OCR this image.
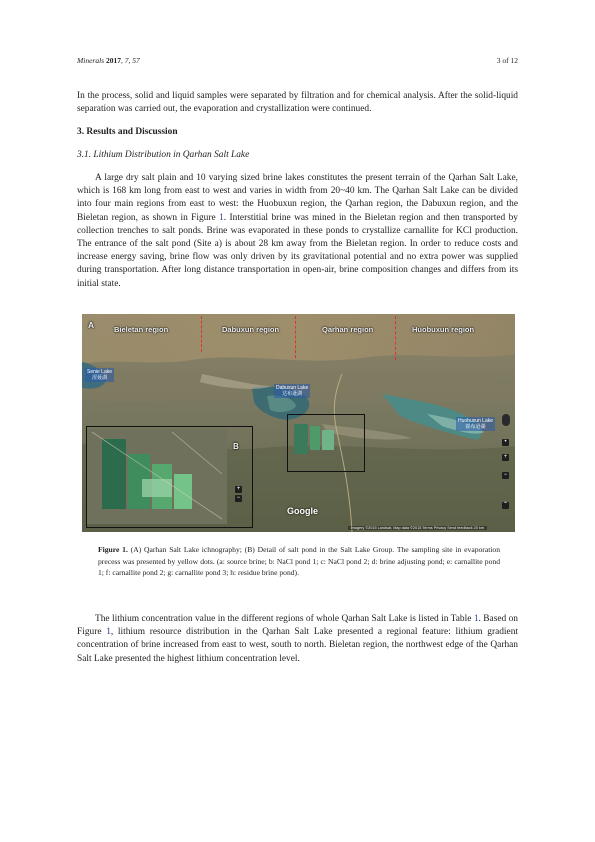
Minerals 2017, 7, 57	3 of 12
In the process, solid and liquid samples were separated by filtration and for chemical analysis. After the solid-liquid separation was carried out, the evaporation and crystallization were continued.
3. Results and Discussion
3.1. Lithium Distribution in Qarhan Salt Lake
A large dry salt plain and 10 varying sized brine lakes constitutes the present terrain of the Qarhan Salt Lake, which is 168 km long from east to west and varies in width from 20~40 km. The Qarhan Salt Lake can be divided into four main regions from east to west: the Huobuxun region, the Qarhan region, the Dabuxun region, and the Bieletan region, as shown in Figure 1. Interstitial brine was mined in the Bieletan region and then transported by collection trenches to salt ponds. Brine was evaporated in these ponds to crystallize carnallite for KCl production. The entrance of the salt pond (Site a) is about 28 km away from the Bieletan region. In order to reduce costs and increase energy saving, brine flow was only driven by its gravitational potential and no extra power was supplied during transportation. After long distance transportation in open-air, brine composition changes and differs from its initial state.
A	Bieletan region	Dabuxun region	Qarhan region	Huobuxun region
Senie Lake
涩聂湖
Dabuxun Lake
达布逊湖
Huobuxun Lake
霍布逊湖
B
+
−
•
+
−
⌃
Google
Imagery ©2015 Landsat, Map data ©2015 Terms Privacy Send feedback 20 km
Figure 1. (A) Qarhan Salt Lake ichnography; (B) Detail of salt pond in the Salt Lake Group. The sampling site in evaporation precess was presented by yellow dots. (a: source brine; b: NaCl pond 1; c: NaCl pond 2; d: brine adjusting pond; e: carnallite pond 1; f: carnallite pond 2; g: carnallite pond 3; h: residue brine pond).
The lithium concentration value in the different regions of whole Qarhan Salt Lake is listed in Table 1. Based on Figure 1, lithium resource distribution in the Qarhan Salt Lake presented a regional feature: lithium gradient concentration of brine increased from east to west, south to north. Bieletan region, the northwest edge of the Qarhan Salt Lake presented the highest lithium concentration level.
